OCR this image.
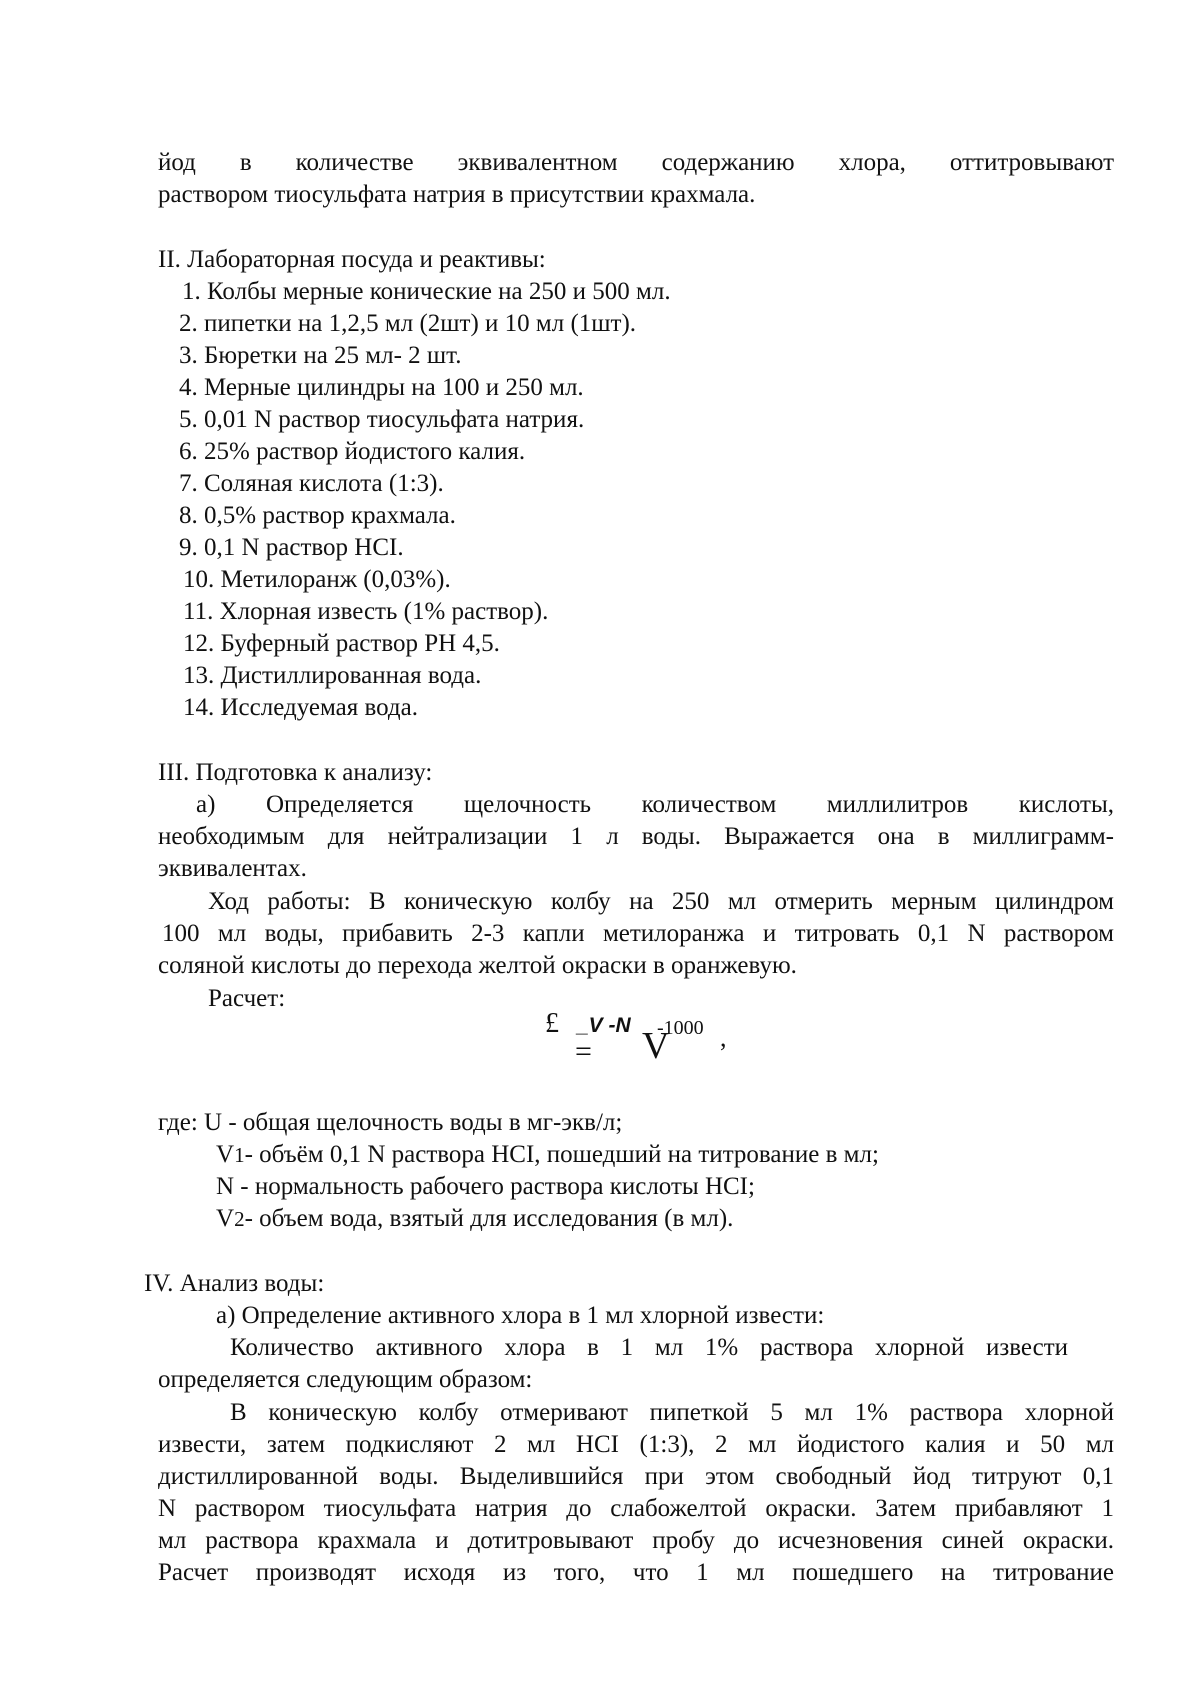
йод в количестве эквивалентном содержанию хлора, оттитровывают
раствором тиосульфата натрия в присутствии крахмала.
II. Лабораторная посуда и реактивы:
1. Колбы мерные конические на 250 и 500 мл.
2. пипетки на 1,2,5 мл (2шт) и 10 мл (1шт).
3. Бюретки на 25 мл- 2 шт.
4. Мерные цилиндры на 100 и 250 мл.
5. 0,01 N раствор тиосульфата натрия.
6. 25% раствор йодистого калия.
7. Соляная кислота (1:3).
8. 0,5% раствор крахмала.
9. 0,1 N раствор HCI.
10. Метилоранж (0,03%).
11. Хлорная известь (1% раствор).
12. Буферный раствор PH 4,5.
13. Дистиллированная вода.
14. Исследуемая вода.
III. Подготовка к анализу:
а) Определяется щелочность количеством миллилитров кислоты,
необходимым для нейтрализации 1 л воды. Выражается она в миллиграмм-
эквивалентах.
Ход работы: В коническую колбу на 250 мл отмерить мерным цилиндром
100 мл воды, прибавить 2-3 капли метилоранжа и титровать 0,1 N раствором
соляной кислоты до перехода желтой окраски в оранжевую.
Расчет:
£ _V -N -1000
= V ,
где: U - общая щелочность воды в мг-экв/л;
V1- объём 0,1 N раствора HCI, пошедший на титрование в мл;
N - нормальность рабочего раствора кислоты HCI;
V2- объем вода, взятый для исследования (в мл).
IV. Анализ воды:
а) Определение активного хлора в 1 мл хлорной извести:
Количество активного хлора в 1 мл 1% раствора хлорной извести
определяется следующим образом:
В коническую колбу отмеривают пипеткой 5 мл 1% раствора хлорной
извести, затем подкисляют 2 мл HCI (1:3), 2 мл йодистого калия и 50 мл
дистиллированной воды. Выделившийся при этом свободный йод титруют 0,1
N раствором тиосульфата натрия до слабожелтой окраски. Затем прибавляют 1
мл раствора крахмала и дотитровывают пробу до исчезновения синей окраски.
Расчет производят исходя из того, что 1 мл пошедшего на титрование
